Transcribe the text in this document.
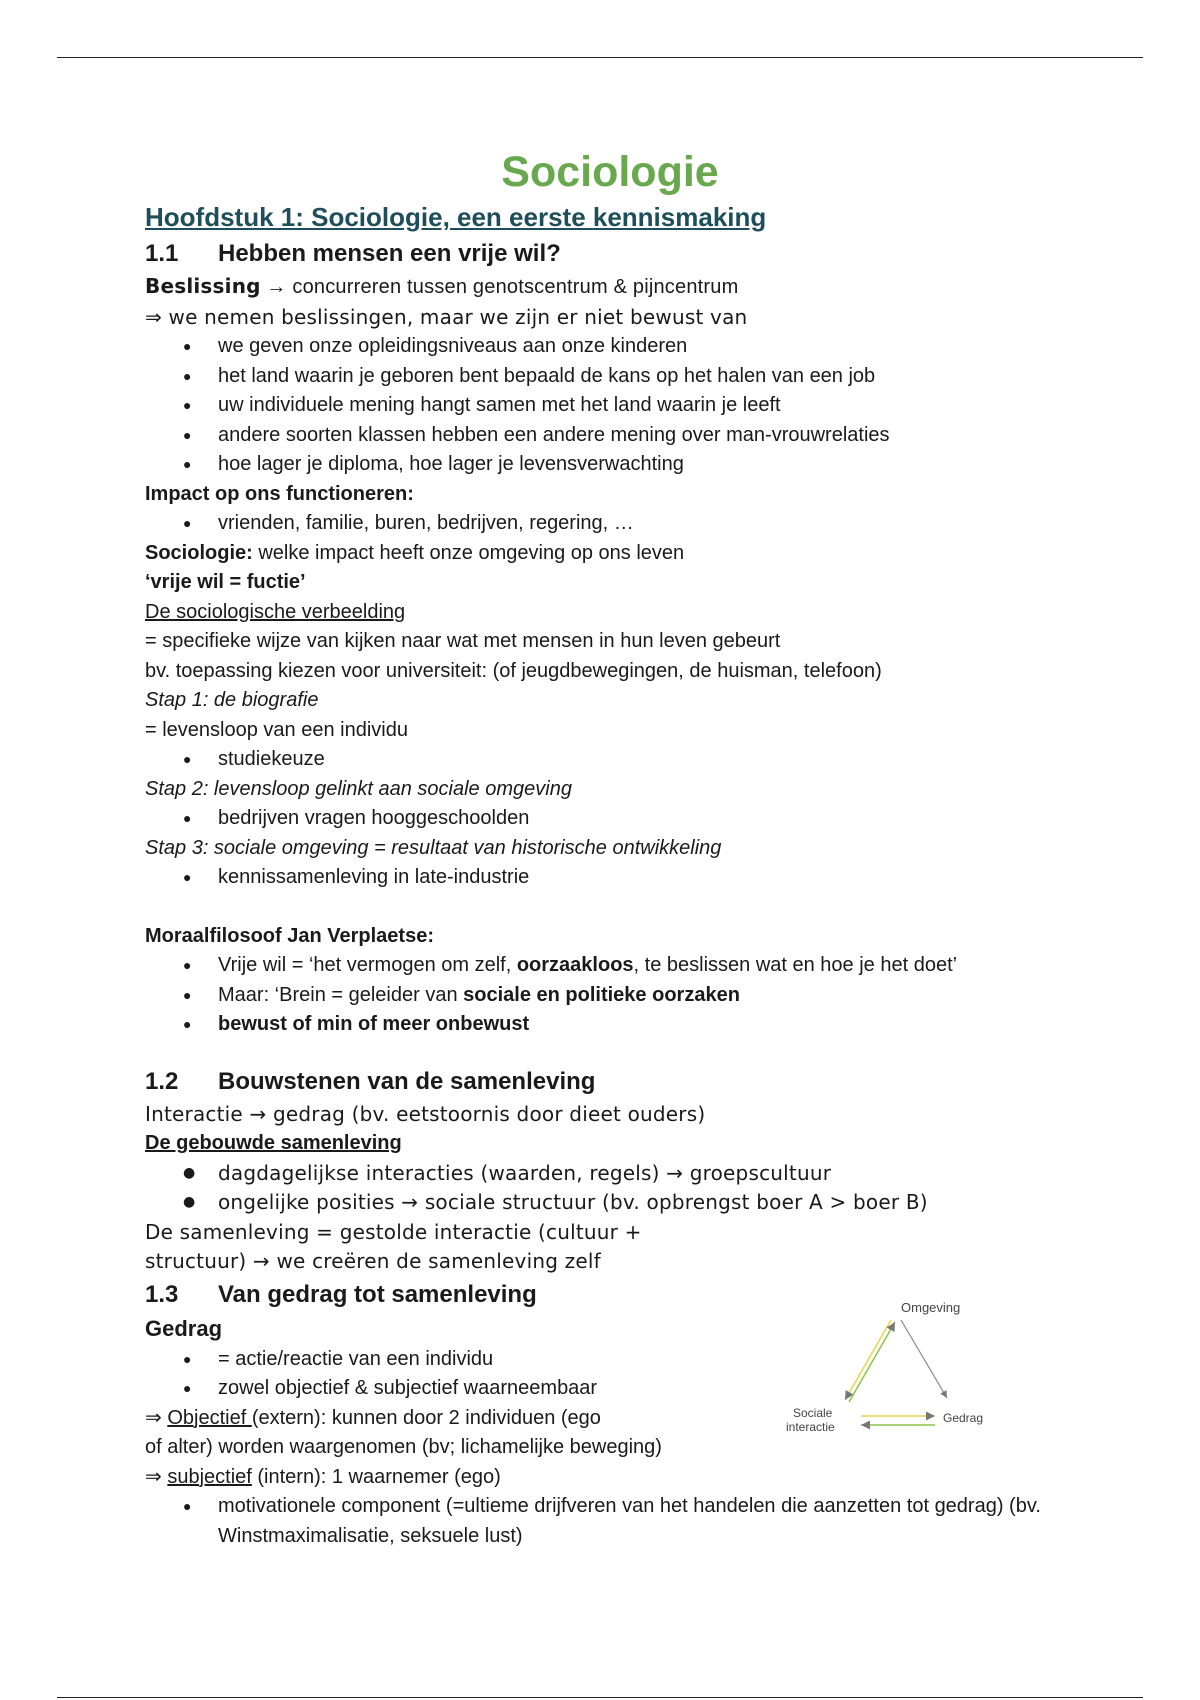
Sociologie
Hoofdstuk 1: Sociologie, een eerste kennismaking
1.1	Hebben mensen een vrije wil?
Beslissing → concurreren tussen genotscentrum & pijncentrum
⇒ we nemen beslissingen, maar we zijn er niet bewust van
● we geven onze opleidingsniveaus aan onze kinderen
● het land waarin je geboren bent bepaald de kans op het halen van een job
● uw individuele mening hangt samen met het land waarin je leeft
● andere soorten klassen hebben een andere mening over man-vrouwrelaties
● hoe lager je diploma, hoe lager je levensverwachting
Impact op ons functioneren:
● vrienden, familie, buren, bedrijven, regering, …
Sociologie: welke impact heeft onze omgeving op ons leven
‘vrije wil = fuctie’
De sociologische verbeelding
= specifieke wijze van kijken naar wat met mensen in hun leven gebeurt
bv. toepassing kiezen voor universiteit: (of jeugdbewegingen, de huisman, telefoon)
Stap 1: de biografie
= levensloop van een individu
● studiekeuze
Stap 2: levensloop gelinkt aan sociale omgeving
● bedrijven vragen hooggeschoolden
Stap 3: sociale omgeving = resultaat van historische ontwikkeling
● kennissamenleving in late-industrie
Moraalfilosoof Jan Verplaetse:
● Vrije wil = ‘het vermogen om zelf, oorzaakloos, te beslissen wat en hoe je het doet’
● Maar: ‘Brein = geleider van sociale en politieke oorzaken
● bewust of min of meer onbewust
1.2	Bouwstenen van de samenleving
Interactie → gedrag (bv. eetstoornis door dieet ouders)
De gebouwde samenleving
● dagdagelijkse interacties (waarden, regels) → groepscultuur
● ongelijke posities → sociale structuur (bv. opbrengst boer A > boer B)
De samenleving = gestolde interactie (cultuur +
structuur) → we creëren de samenleving zelf
1.3	Van gedrag tot samenleving
Gedrag
● = actie/reactie van een individu
● zowel objectief & subjectief waarneembaar
⇒ Objectief (extern): kunnen door 2 individuen (ego
of alter) worden waargenomen (bv; lichamelijke beweging)
⇒ subjectief (intern): 1 waarnemer (ego)
● motivationele component (=ultieme drijfveren van het handelen die aanzetten tot gedrag) (bv. Winstmaximalisatie, seksuele lust)
Omgeving
Sociale
interactie
Gedrag
